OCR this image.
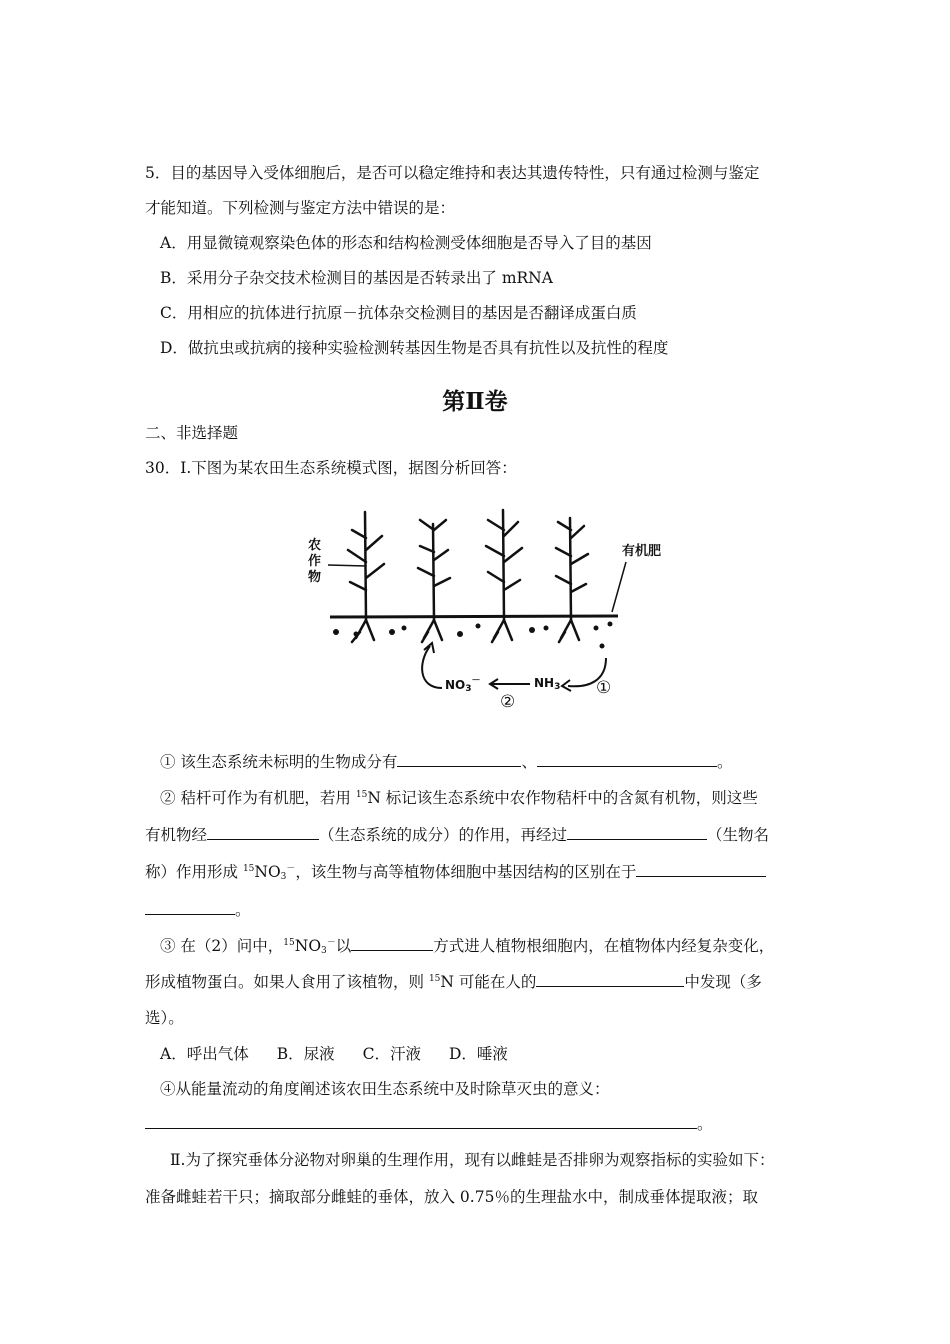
5．目的基因导入受体细胞后，是否可以稳定维持和表达其遗传特性，只有通过检测与鉴定
才能知道。下列检测与鉴定方法中错误的是：
A．用显微镜观察染色体的形态和结构检测受体细胞是否导入了目的基因
B．采用分子杂交技术检测目的基因是否转录出了 mRNA
C．用相应的抗体进行抗原－抗体杂交检测目的基因是否翻译成蛋白质
D．做抗虫或抗病的接种实验检测转基因生物是否具有抗性以及抗性的程度
第Ⅱ卷
二、非选择题
30．Ⅰ.下图为某农田生态系统模式图，据图分析回答：
农
作
物
有机肥
$NO_3^-$	$NH_3$ ①
②
① 该生态系统未标明的生物成分有	、	。
② 秸杆可作为有机肥，若用 $^{15}$N 标记该生态系统中农作物秸杆中的含氮有机物，则这些
有机物经	（生态系统的成分）的作用，再经过	（生物名
称）作用形成 $^{15}NO_3^-$，该生物与高等植物体细胞中基因结构的区别在于
。
③ 在（2）问中，$^{15}NO_3^-$以	方式进人植物根细胞内，在植物体内经复杂变化，
形成植物蛋白。如果人食用了该植物，则 $^{15}$N 可能在人的	中发现（多
选）。
A．呼出气体 B．尿液 C．汗液 D．唾液
④从能量流动的角度阐述该农田生态系统中及时除草灭虫的意义：
。
Ⅱ.为了探究垂体分泌物对卵巢的生理作用，现有以雌蛙是否排卵为观察指标的实验如下：
准备雌蛙若干只；摘取部分雌蛙的垂体，放入 0.75％的生理盐水中，制成垂体提取液；取
